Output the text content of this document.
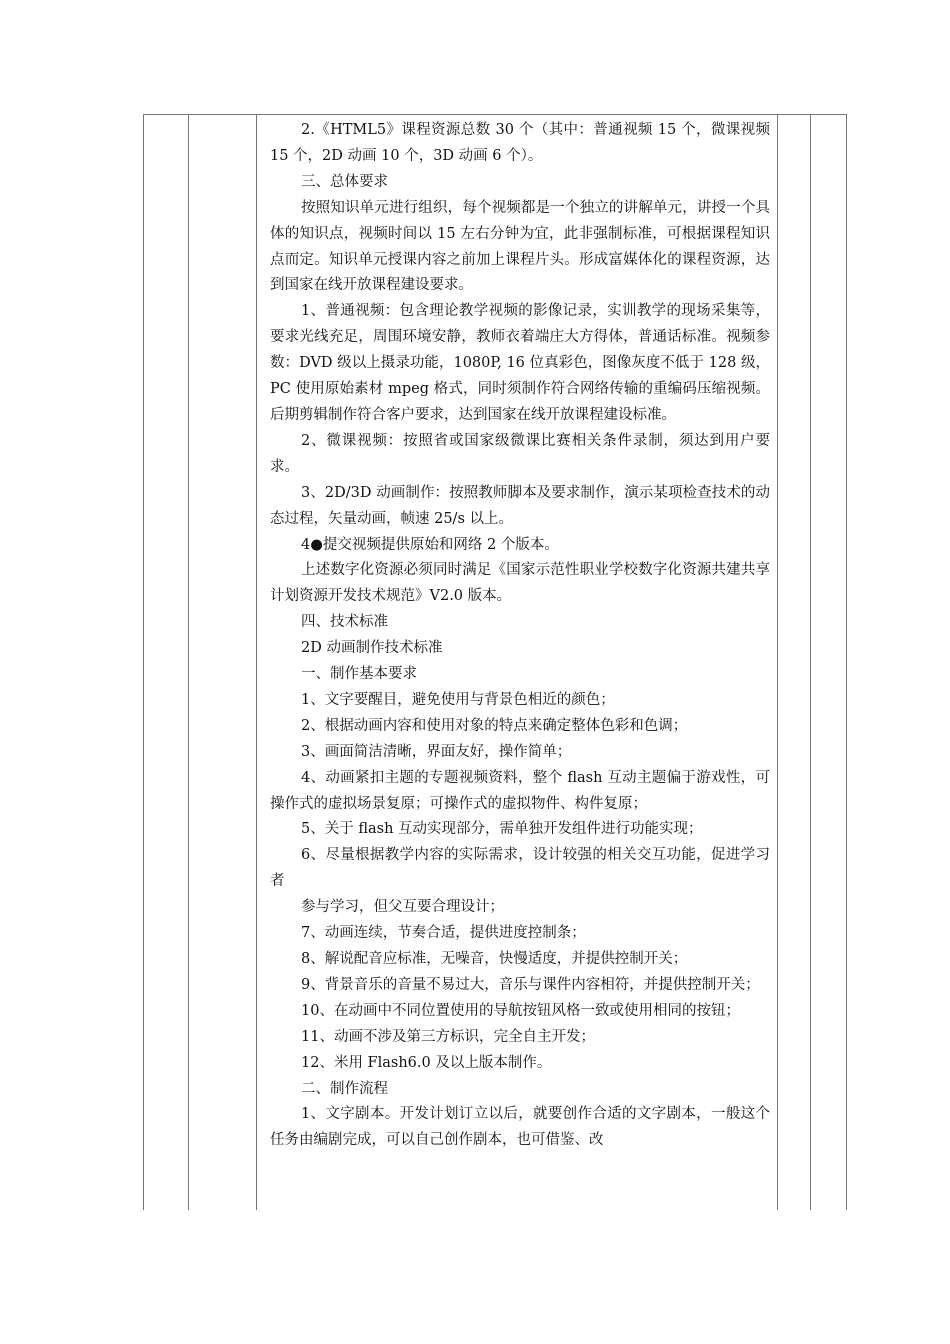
2.《HTML5》课程资源总数 30 个（其中：普通视频 15 个，微课视频 15 个，2D 动画 10 个，3D 动画 6 个）。

三、总体要求

按照知识单元进行组织，每个视频都是一个独立的讲解单元，讲授一个具体的知识点，视频时间以 15 左右分钟为宜，此非强制标准，可根据课程知识点而定。知识单元授课内容之前加上课程片头。形成富媒体化的课程资源，达到国家在线开放课程建设要求。

1、普通视频：包含理论教学视频的影像记录，实训教学的现场采集等，要求光线充足，周围环境安静，教师衣着端庄大方得体，普通话标准。视频参数：DVD 级以上摄录功能，1080P, 16 位真彩色，图像灰度不低于 128 级，PC 使用原始素材 mpeg 格式，同时须制作符合网络传输的重编码压缩视频。后期剪辑制作符合客户要求，达到国家在线开放课程建设标准。

2、微课视频：按照省或国家级微课比赛相关条件录制，须达到用户要求。

3、2D/3D 动画制作：按照教师脚本及要求制作，演示某项检查技术的动态过程，矢量动画，帧速 25/s 以上。

4●提交视频提供原始和网络 2 个版本。

上述数字化资源必须同时满足《国家示范性职业学校数字化资源共建共享计划资源开发技术规范》V2.0 版本。

四、技术标准

2D 动画制作技术标准

一、制作基本要求

1、文字要醒目，避免使用与背景色相近的颜色；

2、根据动画内容和使用对象的特点来确定整体色彩和色调；

3、画面简洁清晰，界面友好，操作简单；

4、动画紧扣主题的专题视频资料，整个 flash 互动主题偏于游戏性，可操作式的虚拟场景复原；可操作式的虚拟物件、构件复原；

5、关于 flash 互动实现部分，需单独开发组件进行功能实现；

6、尽量根据教学内容的实际需求，设计较强的相关交互功能，促进学习者

参与学习，但父互要合理设计；

7、动画连续，节奏合适，提供进度控制条；

8、解说配音应标准，无噪音，快慢适度，并提供控制开关；

9、背景音乐的音量不易过大，音乐与课件内容相符，并提供控制开关；

10、在动画中不同位置使用的导航按钮风格一致或使用相同的按钮；

11、动画不涉及第三方标识，完全自主开发；

12、米用 Flash6.0 及以上版本制作。

二、制作流程

1、文字剧本。开发计划订立以后，就要创作合适的文字剧本，一般这个任务由编剧完成，可以自己创作剧本，也可借鉴、改
